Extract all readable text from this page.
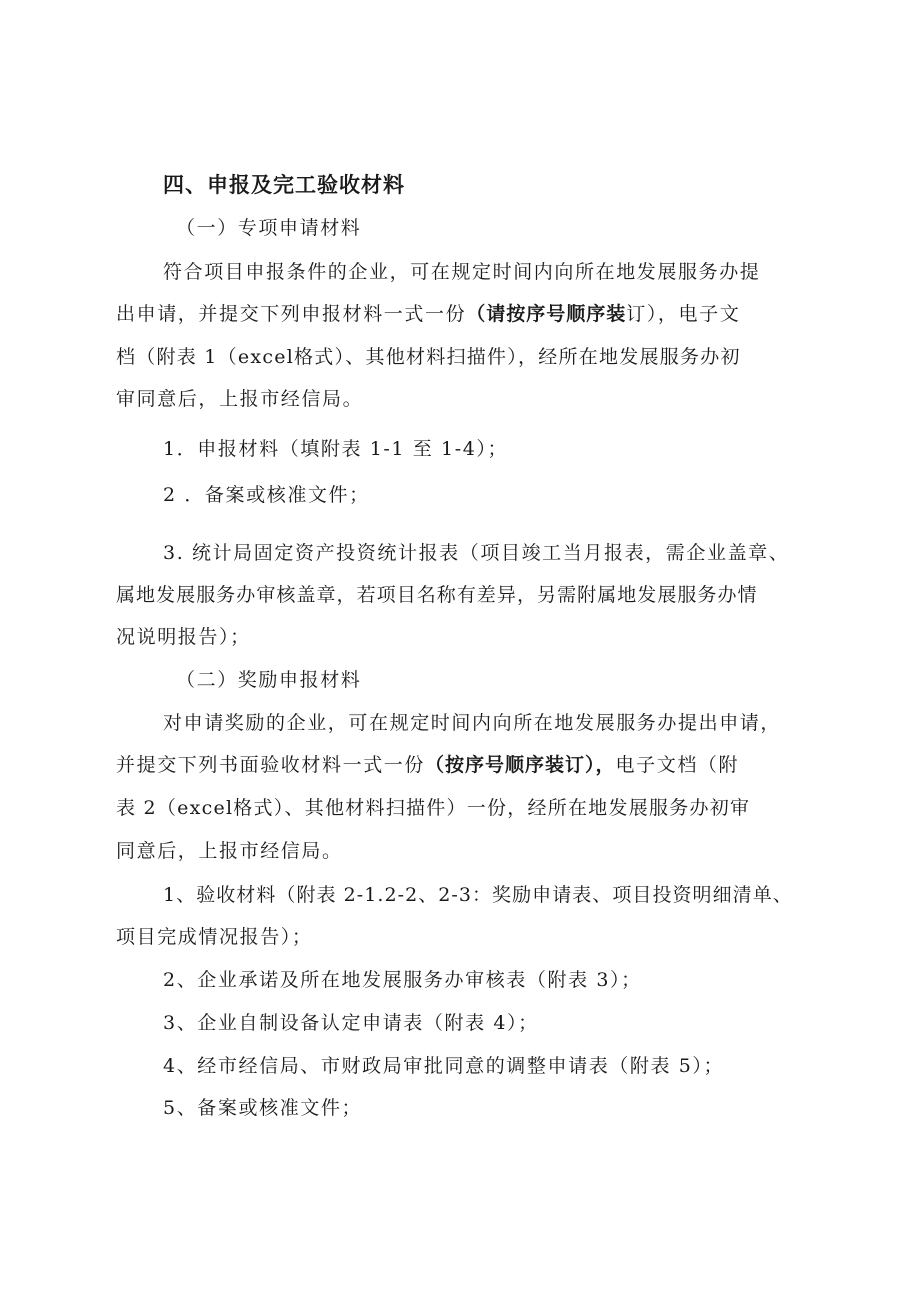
四、申报及完工验收材料
（一）专项申请材料
符合项目申报条件的企业，可在规定时间内向所在地发展服务办提
出申请，并提交下列申报材料一式一份（请按序号顺序装订），电子文
档（附表 1（excel格式）、其他材料扫描件），经所在地发展服务办初
审同意后，上报市经信局。
1．申报材料（填附表 1-1 至 1-4）；
2 ．备案或核准文件；
3. 统计局固定资产投资统计报表（项目竣工当月报表，需企业盖章、
属地发展服务办审核盖章，若项目名称有差异，另需附属地发展服务办情
况说明报告）；
（二）奖励申报材料
对申请奖励的企业，可在规定时间内向所在地发展服务办提出申请，
并提交下列书面验收材料一式一份（按序号顺序装订），电子文档（附
表 2（excel格式）、其他材料扫描件）一份，经所在地发展服务办初审
同意后，上报市经信局。
1、验收材料（附表 2-1.2-2、2-3：奖励申请表、项目投资明细清单、
项目完成情况报告）；
2、企业承诺及所在地发展服务办审核表（附表 3）；
3、企业自制设备认定申请表（附表 4）；
4、经市经信局、市财政局审批同意的调整申请表（附表 5）；
5、备案或核准文件；
